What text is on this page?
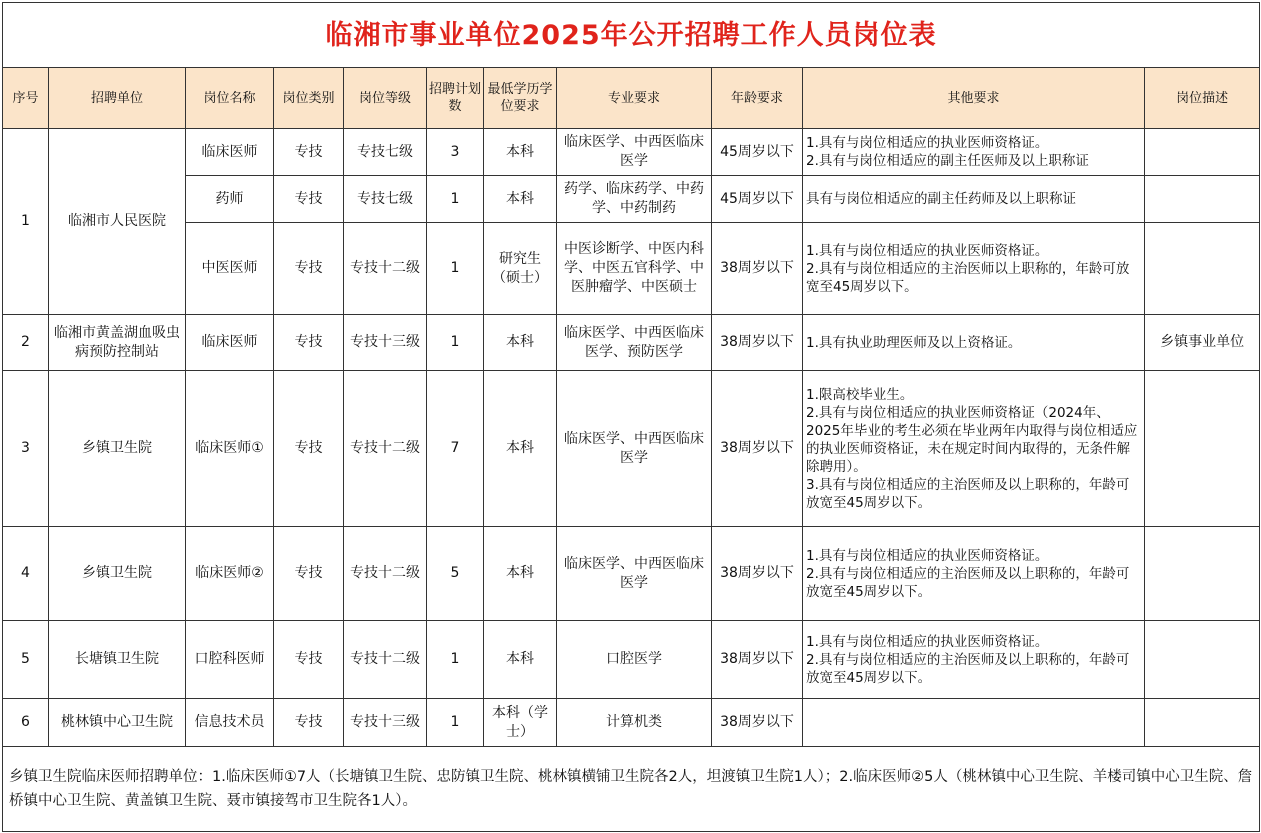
临湘市事业单位2025年公开招聘工作人员岗位表										
序号	招聘单位	岗位名称	岗位类别	岗位等级	招聘计划数	最低学历学位要求	专业要求	年龄要求	其他要求	岗位描述
1	临湘市人民医院	临床医师	专技	专技七级	3	本科	临床医学、中西医临床医学	45周岁以下	1.具有与岗位相适应的执业医师资格证。
2.具有与岗位相适应的副主任医师及以上职称证	

		药师	专技	专技七级	1	本科	药学、临床药学、中药学、中药制药	45周岁以下	具有与岗位相适应的副主任药师及以上职称证	

		中医医师	专技	专技十二级	1	研究生（硕士）	中医诊断学、中医内科学、中医五官科学、中医肿瘤学、中医硕士	38周岁以下	1.具有与岗位相适应的执业医师资格证。
2.具有与岗位相适应的主治医师以上职称的，年龄可放宽至45周岁以下。	

2	临湘市黄盖湖血吸虫病预防控制站	临床医师	专技	专技十三级	1	本科	临床医学、中西医临床医学、预防医学	38周岁以下	1.具有执业助理医师及以上资格证。	乡镇事业单位
3	乡镇卫生院	临床医师①	专技	专技十二级	7	本科	临床医学、中西医临床医学	38周岁以下	1.限高校毕业生。
2.具有与岗位相适应的执业医师资格证（2024年、2025年毕业的考生必须在毕业两年内取得与岗位相适应的执业医师资格证，未在规定时间内取得的，无条件解除聘用）。
3.具有与岗位相适应的主治医师及以上职称的，年龄可放宽至45周岁以下。	

4	乡镇卫生院	临床医师②	专技	专技十二级	5	本科	临床医学、中西医临床医学	38周岁以下	1.具有与岗位相适应的执业医师资格证。
2.具有与岗位相适应的主治医师及以上职称的，年龄可放宽至45周岁以下。	

5	长塘镇卫生院	口腔科医师	专技	专技十二级	1	本科	口腔医学	38周岁以下	1.具有与岗位相适应的执业医师资格证。
2.具有与岗位相适应的主治医师及以上职称的，年龄可放宽至45周岁以下。	

6	桃林镇中心卫生院	信息技术员	专技	专技十三级	1	本科（学士）	计算机类	38周岁以下		
乡镇卫生院临床医师招聘单位：1.临床医师①7人（长塘镇卫生院、忠防镇卫生院、桃林镇横铺卫生院各2人，坦渡镇卫生院1人）；2.临床医师②5人（桃林镇中心卫生院、羊楼司镇中心卫生院、詹桥镇中心卫生院、黄盖镇卫生院、聂市镇接驾市卫生院各1人）。										
